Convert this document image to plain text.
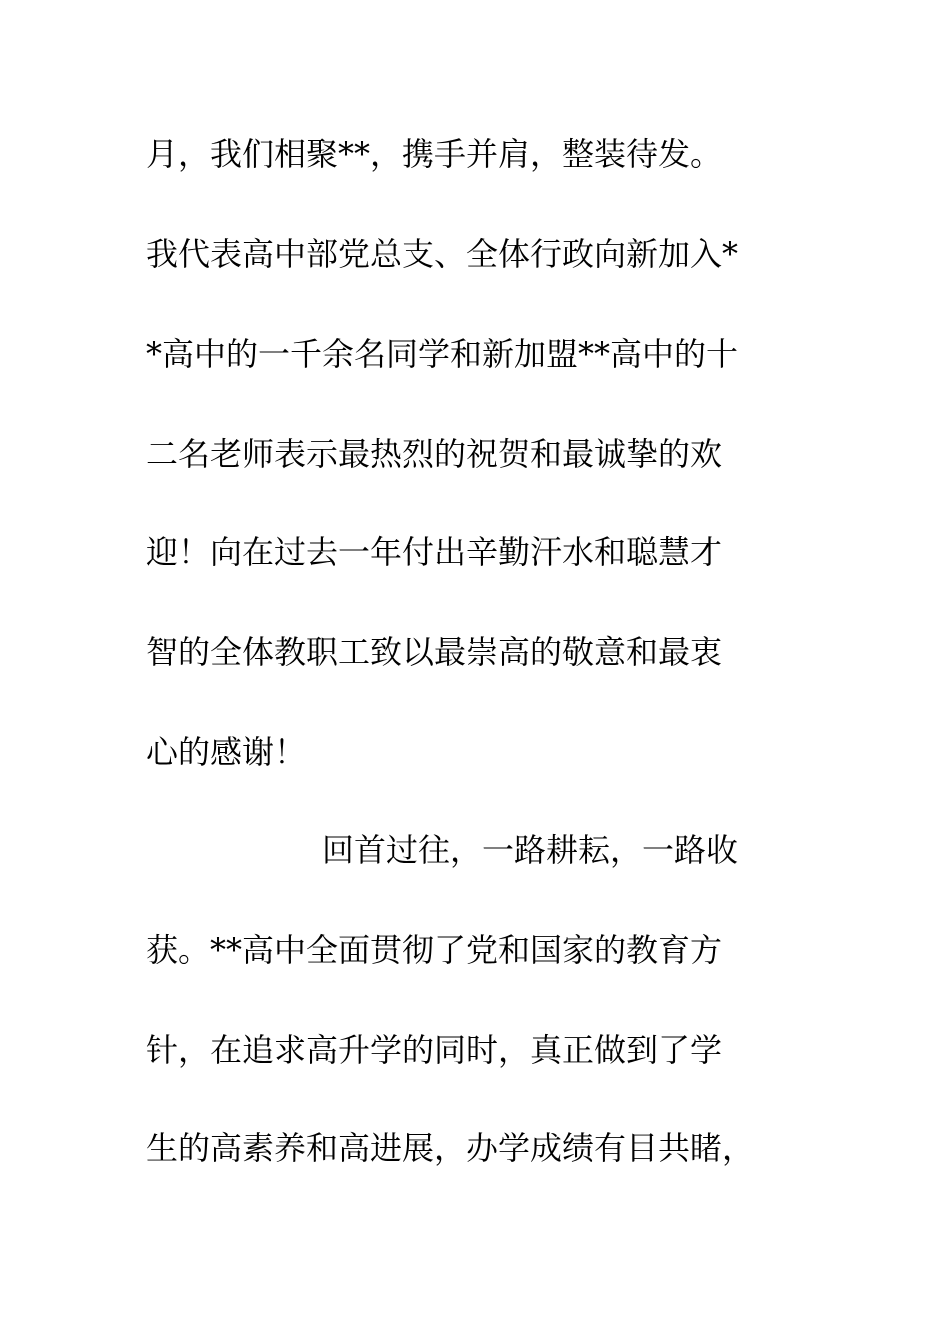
月，我们相聚**，携手并肩，整装待发。
我代表高中部党总支、全体行政向新加入*
*高中的一千余名同学和新加盟**高中的十
二名老师表示最热烈的祝贺和最诚挚的欢
迎！向在过去一年付出辛勤汗水和聪慧才
智的全体教职工致以最崇高的敬意和最衷
心的感谢！
回首过往，一路耕耘，一路收
获。**高中全面贯彻了党和国家的教育方
针，在追求高升学的同时，真正做到了学
生的高素养和高进展，办学成绩有目共睹，
